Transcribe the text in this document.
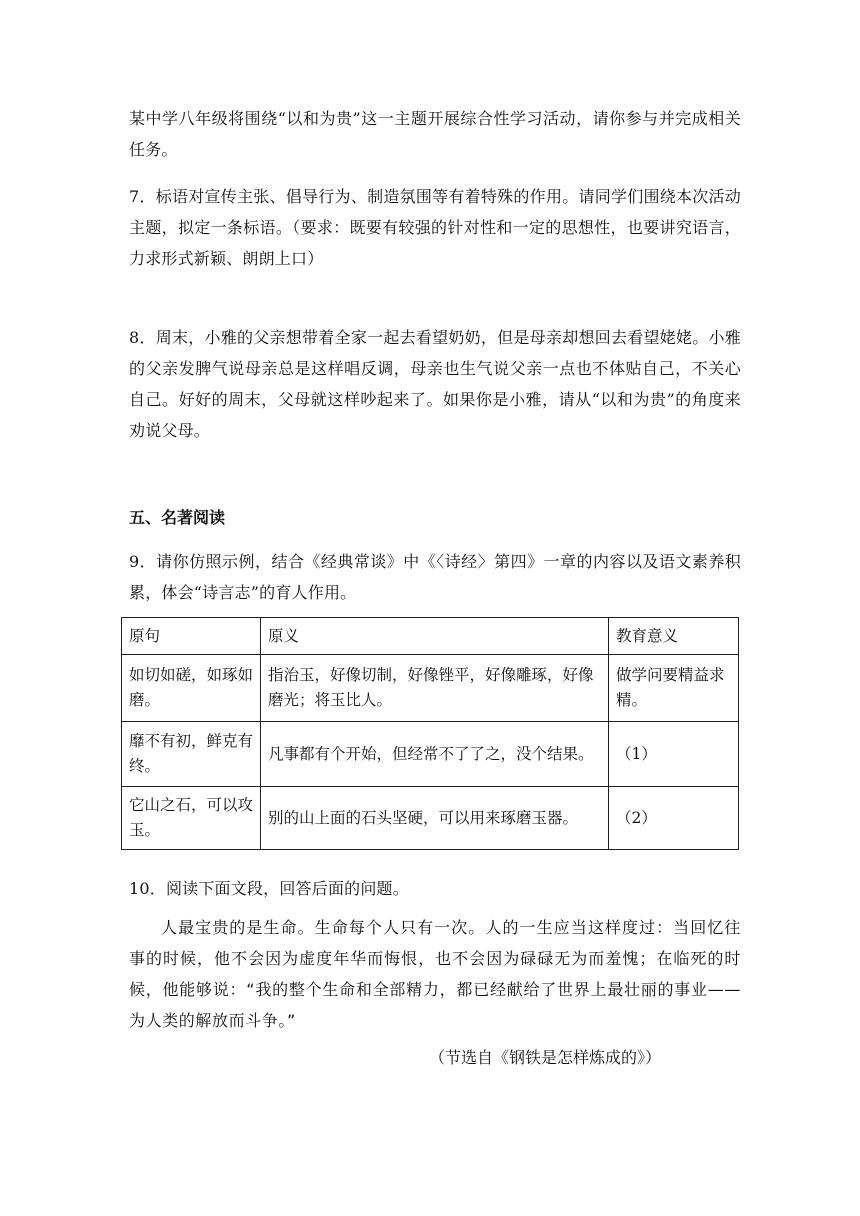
某中学八年级将围绕“以和为贵”这一主题开展综合性学习活动，请你参与并完成相关任务。

7．标语对宣传主张、倡导行为、制造氛围等有着特殊的作用。请同学们围绕本次活动主题，拟定一条标语。（要求：既要有较强的针对性和一定的思想性，也要讲究语言，力求形式新颖、朗朗上口）

8．周末，小雅的父亲想带着全家一起去看望奶奶，但是母亲却想回去看望姥姥。小雅的父亲发脾气说母亲总是这样唱反调，母亲也生气说父亲一点也不体贴自己，不关心自己。好好的周末，父母就这样吵起来了。如果你是小雅，请从“以和为贵”的角度来劝说父母。

五、名著阅读

9．请你仿照示例，结合《经典常谈》中《〈诗经〉第四》一章的内容以及语文素养积累，体会“诗言志”的育人作用。

原句	原义	教育意义
如切如磋，如琢如磨。	指治玉，好像切制，好像锉平，好像雕琢，好像磨光；将玉比人。	做学问要精益求精。
靡不有初，鲜克有终。	凡事都有个开始，但经常不了了之，没个结果。	（1）
它山之石，可以攻玉。	别的山上面的石头坚硬，可以用来琢磨玉器。	（2）

10．阅读下面文段，回答后面的问题。

人最宝贵的是生命。生命每个人只有一次。人的一生应当这样度过：当回忆往事的时候，他不会因为虚度年华而悔恨，也不会因为碌碌无为而羞愧；在临死的时候，他能够说：“我的整个生命和全部精力，都已经献给了世界上最壮丽的事业——为人类的解放而斗争。”

（节选自《钢铁是怎样炼成的》）
